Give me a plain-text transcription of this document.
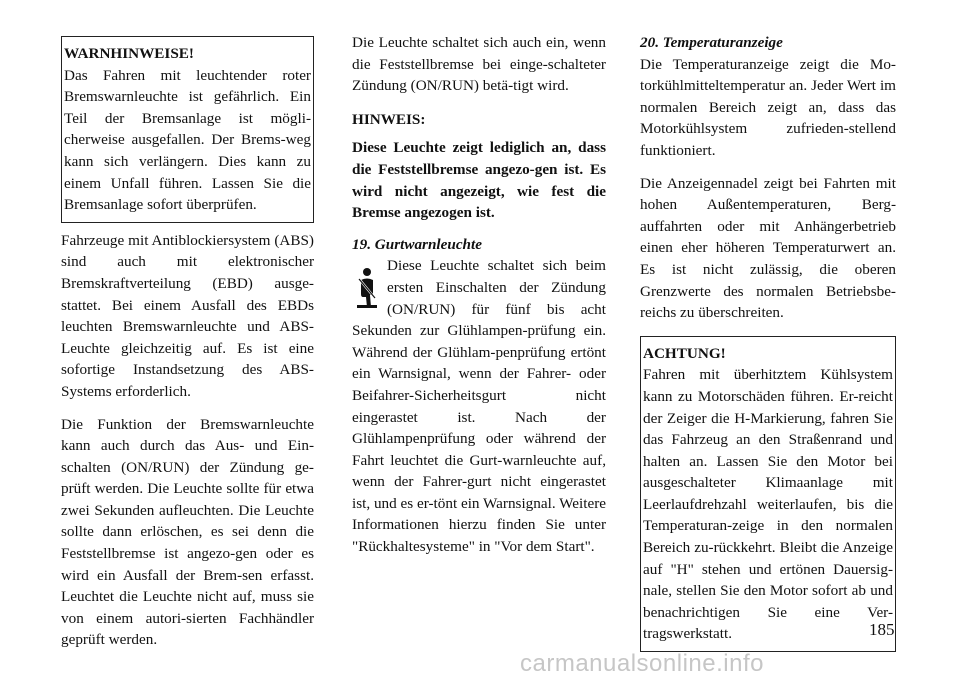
WARNHINWEISE!
Das Fahren mit leuchtender roter Bremswarnleuchte ist gefährlich. Ein Teil der Bremsanlage ist mögli-cherweise ausgefallen. Der Brems-weg kann sich verlängern. Dies kann zu einem Unfall führen. Lassen Sie die Bremsanlage sofort überprüfen.

Fahrzeuge mit Antiblockiersystem (ABS) sind auch mit elektronischer Bremskraftverteilung (EBD) ausge-stattet. Bei einem Ausfall des EBDs leuchten Bremswarnleuchte und ABS-Leuchte gleichzeitig auf. Es ist eine sofortige Instandsetzung des ABS-Systems erforderlich.

Die Funktion der Bremswarnleuchte kann auch durch das Aus- und Ein-schalten (ON/RUN) der Zündung ge-prüft werden. Die Leuchte sollte für etwa zwei Sekunden aufleuchten. Die Leuchte sollte dann erlöschen, es sei denn die Feststellbremse ist angezo-gen oder es wird ein Ausfall der Brem-sen erfasst. Leuchtet die Leuchte nicht auf, muss sie von einem autori-sierten Fachhändler geprüft werden.

Die Leuchte schaltet sich auch ein, wenn die Feststellbremse bei einge-schalteter Zündung (ON/RUN) betä-tigt wird.

HINWEIS:
Diese Leuchte zeigt lediglich an, dass die Feststellbremse angezo-gen ist. Es wird nicht angezeigt, wie fest die Bremse angezogen ist.
19. Gurtwarnleuchte

Diese Leuchte schaltet sich beim ersten Einschalten der Zündung (ON/RUN) für fünf bis acht Sekunden zur Glühlampen-prüfung ein. Während der Glühlam-penprüfung ertönt ein Warnsignal, wenn der Fahrer- oder Beifahrer-Sicherheitsgurt nicht eingerastet ist. Nach der Glühlampenprüfung oder während der Fahrt leuchtet die Gurt-warnleuchte auf, wenn der Fahrer-gurt nicht eingerastet ist, und es er-tönt ein Warnsignal. Weitere Informationen hierzu finden Sie unter "Rückhaltesysteme" in "Vor dem Start".

20. Temperaturanzeige

Die Temperaturanzeige zeigt die Mo-torkühlmitteltemperatur an. Jeder Wert im normalen Bereich zeigt an, dass das Motorkühlsystem zufrieden-stellend funktioniert.

Die Anzeigennadel zeigt bei Fahrten mit hohen Außentemperaturen, Berg-auffahrten oder mit Anhängerbetrieb einen eher höheren Temperaturwert an. Es ist nicht zulässig, die oberen Grenzwerte des normalen Betriebsbe-reichs zu überschreiten.

ACHTUNG!
Fahren mit überhitztem Kühlsystem kann zu Motorschäden führen. Er-reicht der Zeiger die H-Markierung, fahren Sie das Fahrzeug an den Straßenrand und halten an. Lassen Sie den Motor bei ausgeschalteter Klimaanlage mit Leerlaufdrehzahl weiterlaufen, bis die Temperaturan-zeige in den normalen Bereich zu-rückkehrt. Bleibt die Anzeige auf "H" stehen und ertönen Dauersig-nale, stellen Sie den Motor sofort ab und benachrichtigen Sie eine Ver-tragswerkstatt.	185
carmanualsonline.info
